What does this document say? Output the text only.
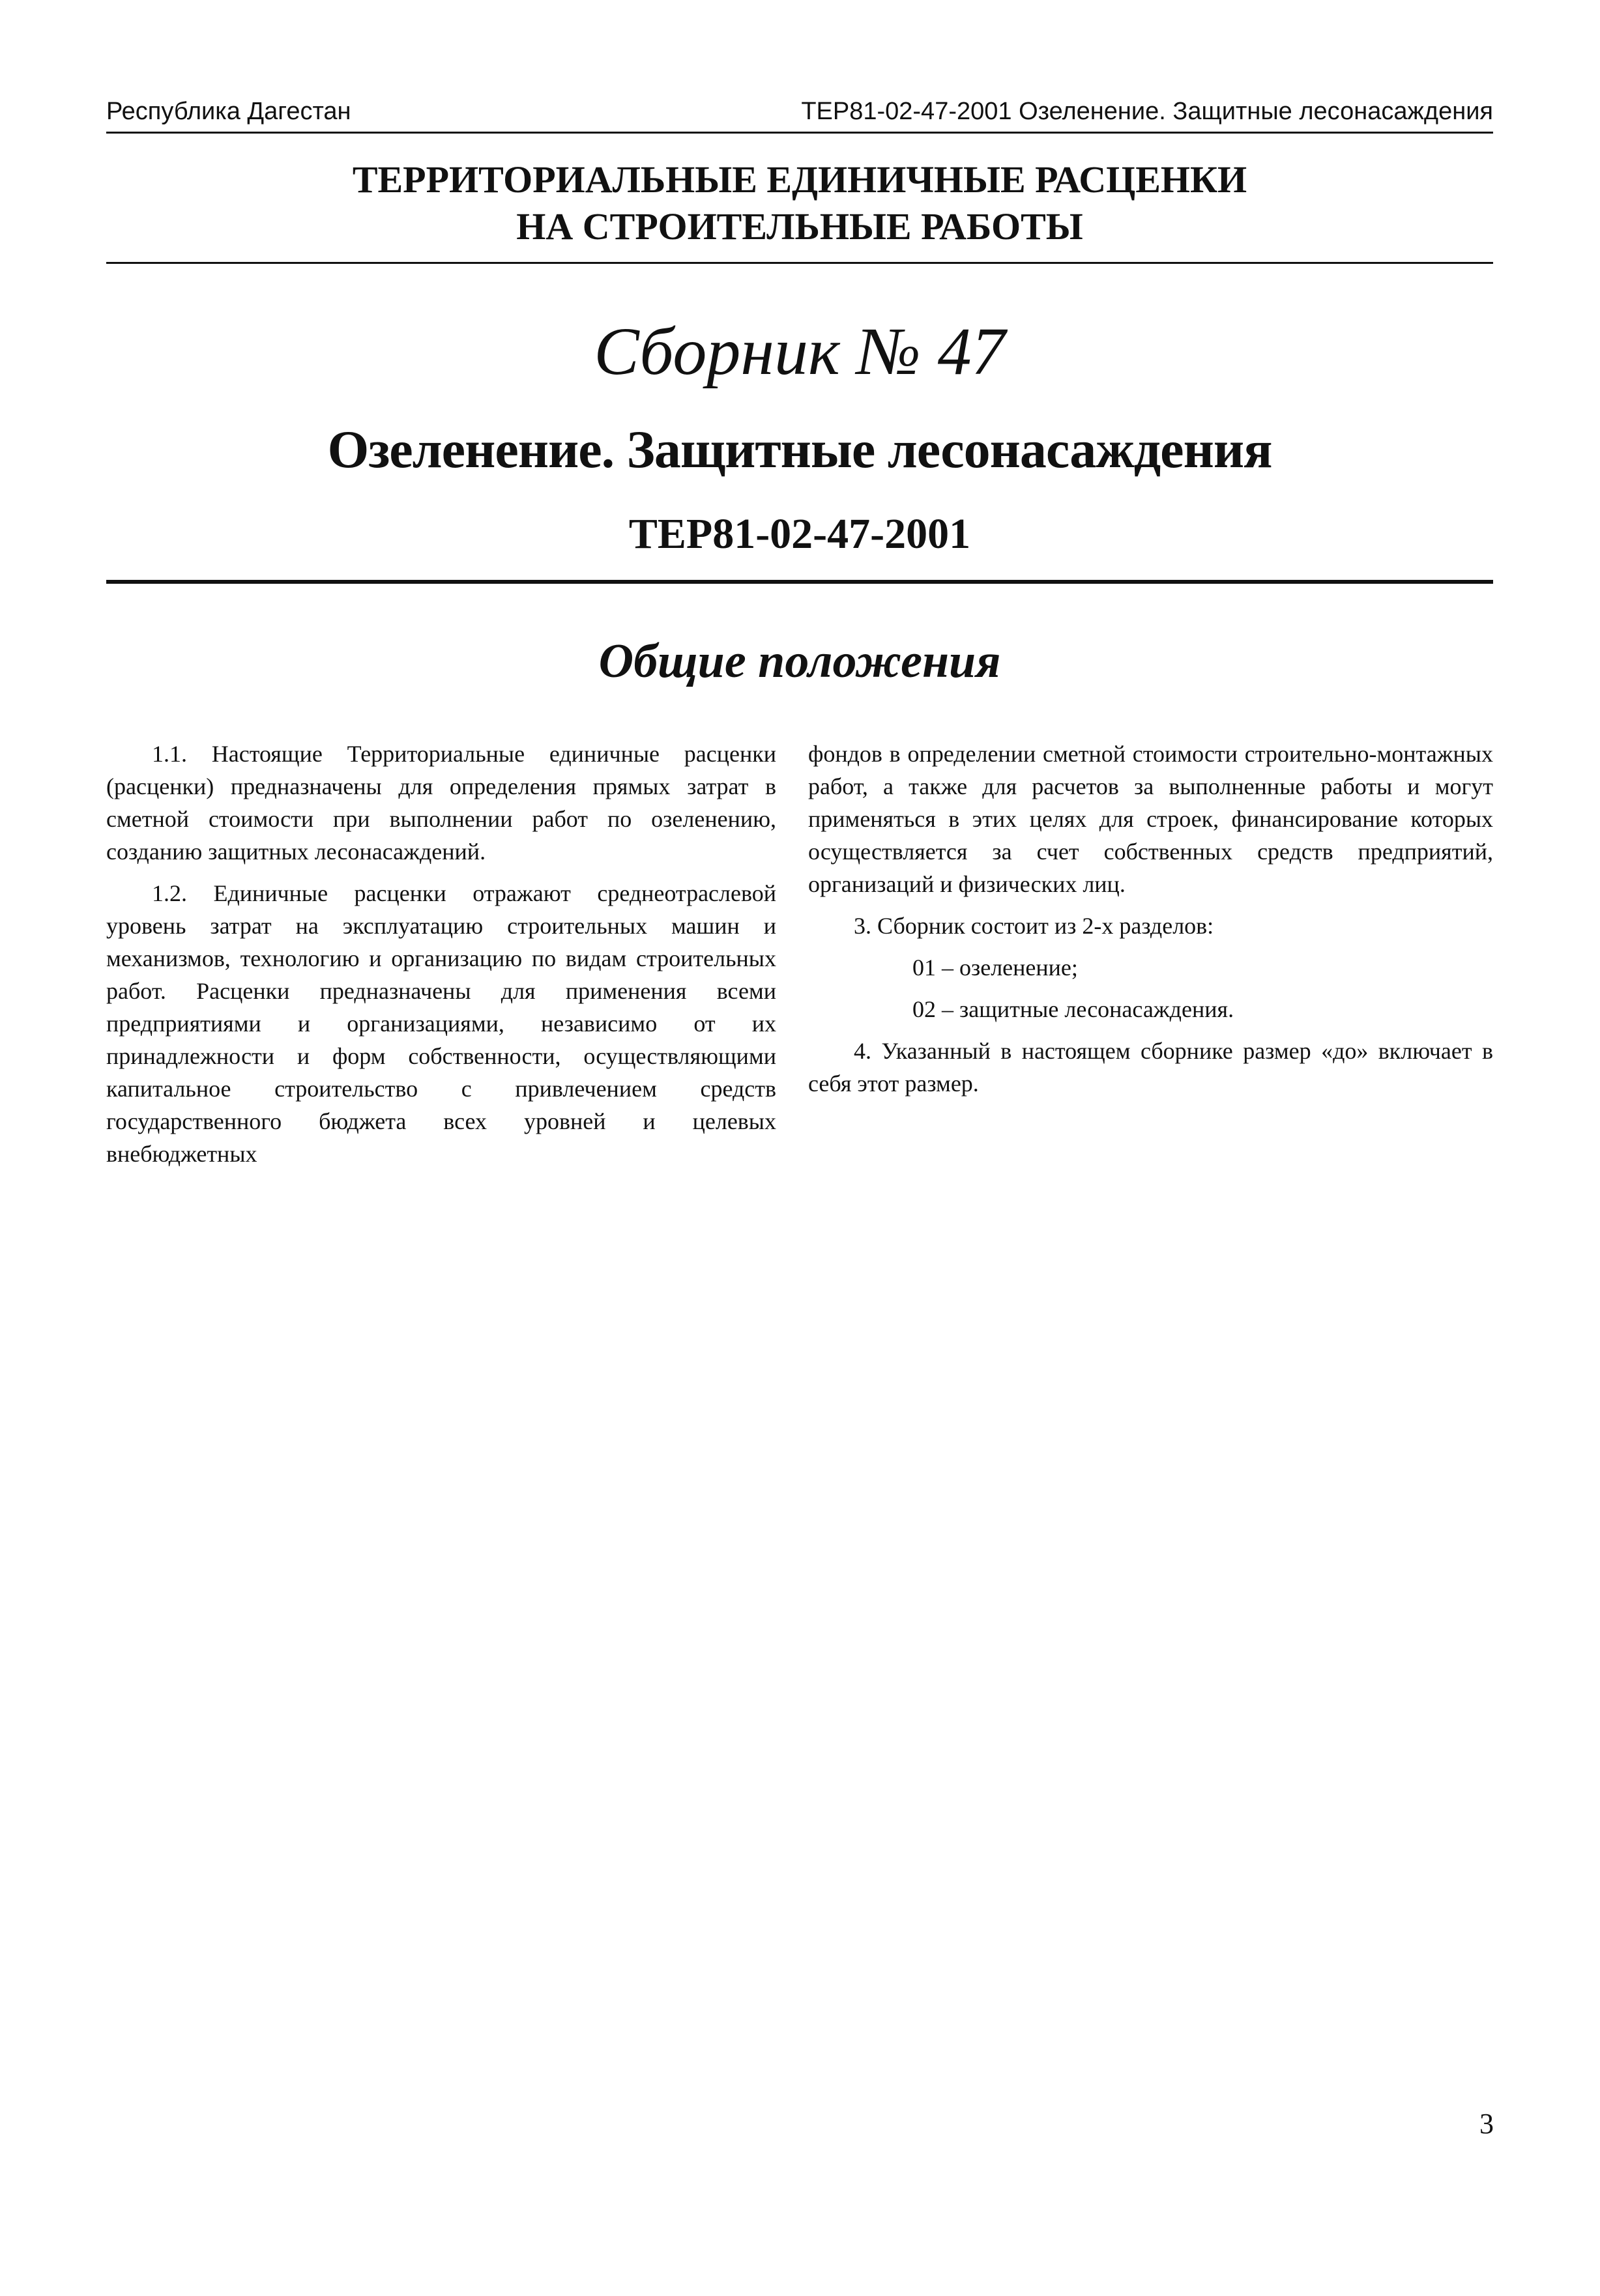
Республика Дагестан	ТЕР81-02-47-2001 Озеленение. Защитные лесонасаждения
ТЕРРИТОРИАЛЬНЫЕ ЕДИНИЧНЫЕ РАСЦЕНКИ
НА СТРОИТЕЛЬНЫЕ РАБОТЫ
Сборник № 47
Озеленение. Защитные лесонасаждения
ТЕР81-02-47-2001
Общие положения

1.1. Настоящие Территориальные единичные расценки (расценки) предназначены для определения прямых затрат в сметной стоимости при выполнении работ по озеленению, созданию защитных лесонасаждений.

1.2. Единичные расценки отражают среднеотраслевой уровень затрат на эксплуатацию строительных машин и механизмов, технологию и организацию по видам строительных работ. Расценки предназначены для применения всеми предприятиями и организациями, независимо от их принадлежности и форм собственности, осуществляющими капитальное строительство с привлечением средств государственного бюджета всех уровней и целевых внебюджетных

фондов в определении сметной стоимости строительно-монтажных работ, а также для расчетов за выполненные работы и могут применяться в этих целях для строек, финансирование которых осуществляется за счет собственных средств предприятий, организаций и физических лиц.

3. Сборник состоит из 2-х разделов:

01 – озеленение;

02 – защитные лесонасаждения.

4. Указанный в настоящем сборнике размер «до» включает в себя этот размер.

3
